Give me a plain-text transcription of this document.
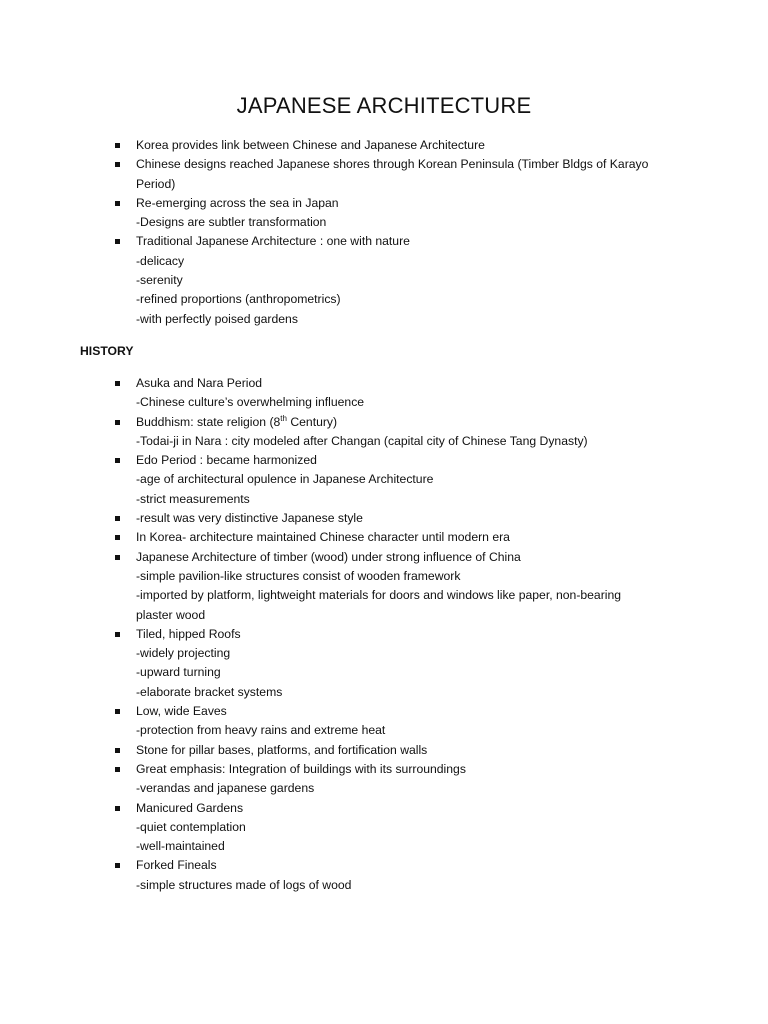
JAPANESE ARCHITECTURE
Korea provides link between Chinese and Japanese Architecture
Chinese designs reached Japanese shores through Korean Peninsula (Timber Bldgs of Karayo
Period)
Re-emerging across the sea in Japan
-Designs are subtler transformation
Traditional Japanese Architecture : one with nature
-delicacy
-serenity
-refined proportions (anthropometrics)
-with perfectly poised gardens
HISTORY
Asuka and Nara Period
-Chinese culture’s overwhelming influence
Buddhism: state religion (8th Century)
-Todai-ji in Nara : city modeled after Changan (capital city of Chinese Tang Dynasty)
Edo Period : became harmonized
-age of architectural opulence in Japanese Architecture
-strict measurements
-result was very distinctive Japanese style
In Korea- architecture maintained Chinese character until modern era
Japanese Architecture of timber (wood) under strong influence of China
-simple pavilion-like structures consist of wooden framework
-imported by platform, lightweight materials for doors and windows like paper, non-bearing
plaster wood
Tiled, hipped Roofs
-widely projecting
-upward turning
-elaborate bracket systems
Low, wide Eaves
-protection from heavy rains and extreme heat
Stone for pillar bases, platforms, and fortification walls
Great emphasis: Integration of buildings with its surroundings
-verandas and japanese gardens
Manicured Gardens
-quiet contemplation
-well-maintained
Forked Fineals
-simple structures made of logs of wood
